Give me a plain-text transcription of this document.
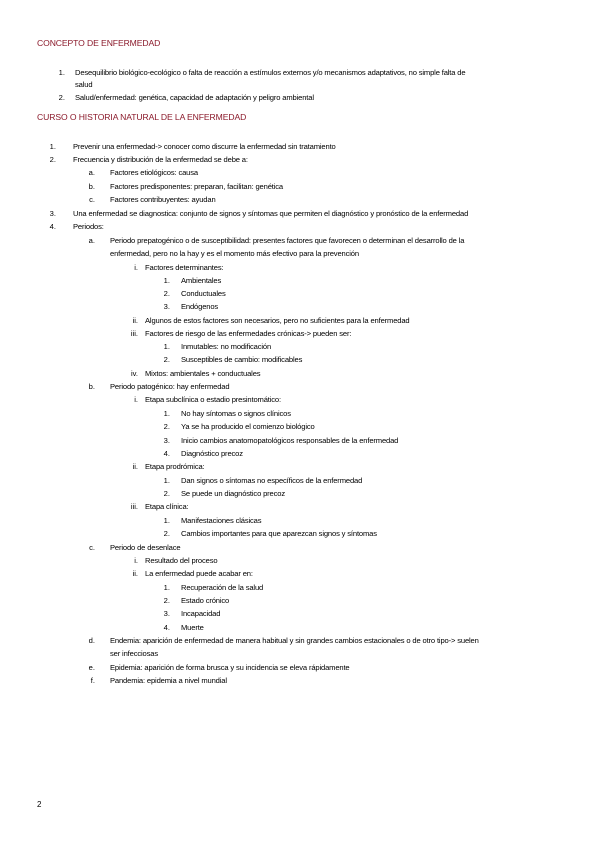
CONCEPTO DE ENFERMEDAD
1. Desequilibrio biológico-ecológico o falta de reacción a estímulos externos y/o mecanismos adaptativos, no simple falta de
salud
2. Salud/enfermedad: genética, capacidad de adaptación y peligro ambiental
CURSO O HISTORIA NATURAL DE LA ENFERMEDAD
1. Prevenir una enfermedad-> conocer como discurre la enfermedad sin tratamiento
2. Frecuencia y distribución de la enfermedad se debe a:
a. Factores etiológicos: causa
b. Factores predisponentes: preparan, facilitan: genética
c. Factores contribuyentes: ayudan
3. Una enfermedad se diagnostica: conjunto de signos y síntomas que permiten el diagnóstico y pronóstico de la enfermedad
4. Periodos:
a. Periodo prepatogénico o de susceptibilidad: presentes factores que favorecen o determinan el desarrollo de la
enfermedad, pero no la hay y es el momento más efectivo para la prevención
i. Factores determinantes:
1. Ambientales
2. Conductuales
3. Endógenos
ii. Algunos de estos factores son necesarios, pero no suficientes para la enfermedad
iii. Factores de riesgo de las enfermedades crónicas-> pueden ser:
1. Inmutables: no modificación
2. Susceptibles de cambio: modificables
iv. Mixtos: ambientales + conductuales
b. Periodo patogénico: hay enfermedad
i. Etapa subclínica o estadio presintomático:
1. No hay síntomas o signos clínicos
2. Ya se ha producido el comienzo biológico
3. Inicio cambios anatomopatológicos responsables de la enfermedad
4. Diagnóstico precoz
ii. Etapa prodrómica:
1. Dan signos o síntomas no específicos de la enfermedad
2. Se puede un diagnóstico precoz
iii. Etapa clínica:
1. Manifestaciones clásicas
2. Cambios importantes para que aparezcan signos y síntomas
c. Periodo de desenlace
i. Resultado del proceso
ii. La enfermedad puede acabar en:
1. Recuperación de la salud
2. Estado crónico
3. Incapacidad
4. Muerte
d. Endemia: aparición de enfermedad de manera habitual y sin grandes cambios estacionales o de otro tipo-> suelen
ser infecciosas
e. Epidemia: aparición de forma brusca y su incidencia se eleva rápidamente
f. Pandemia: epidemia a nivel mundial
2
